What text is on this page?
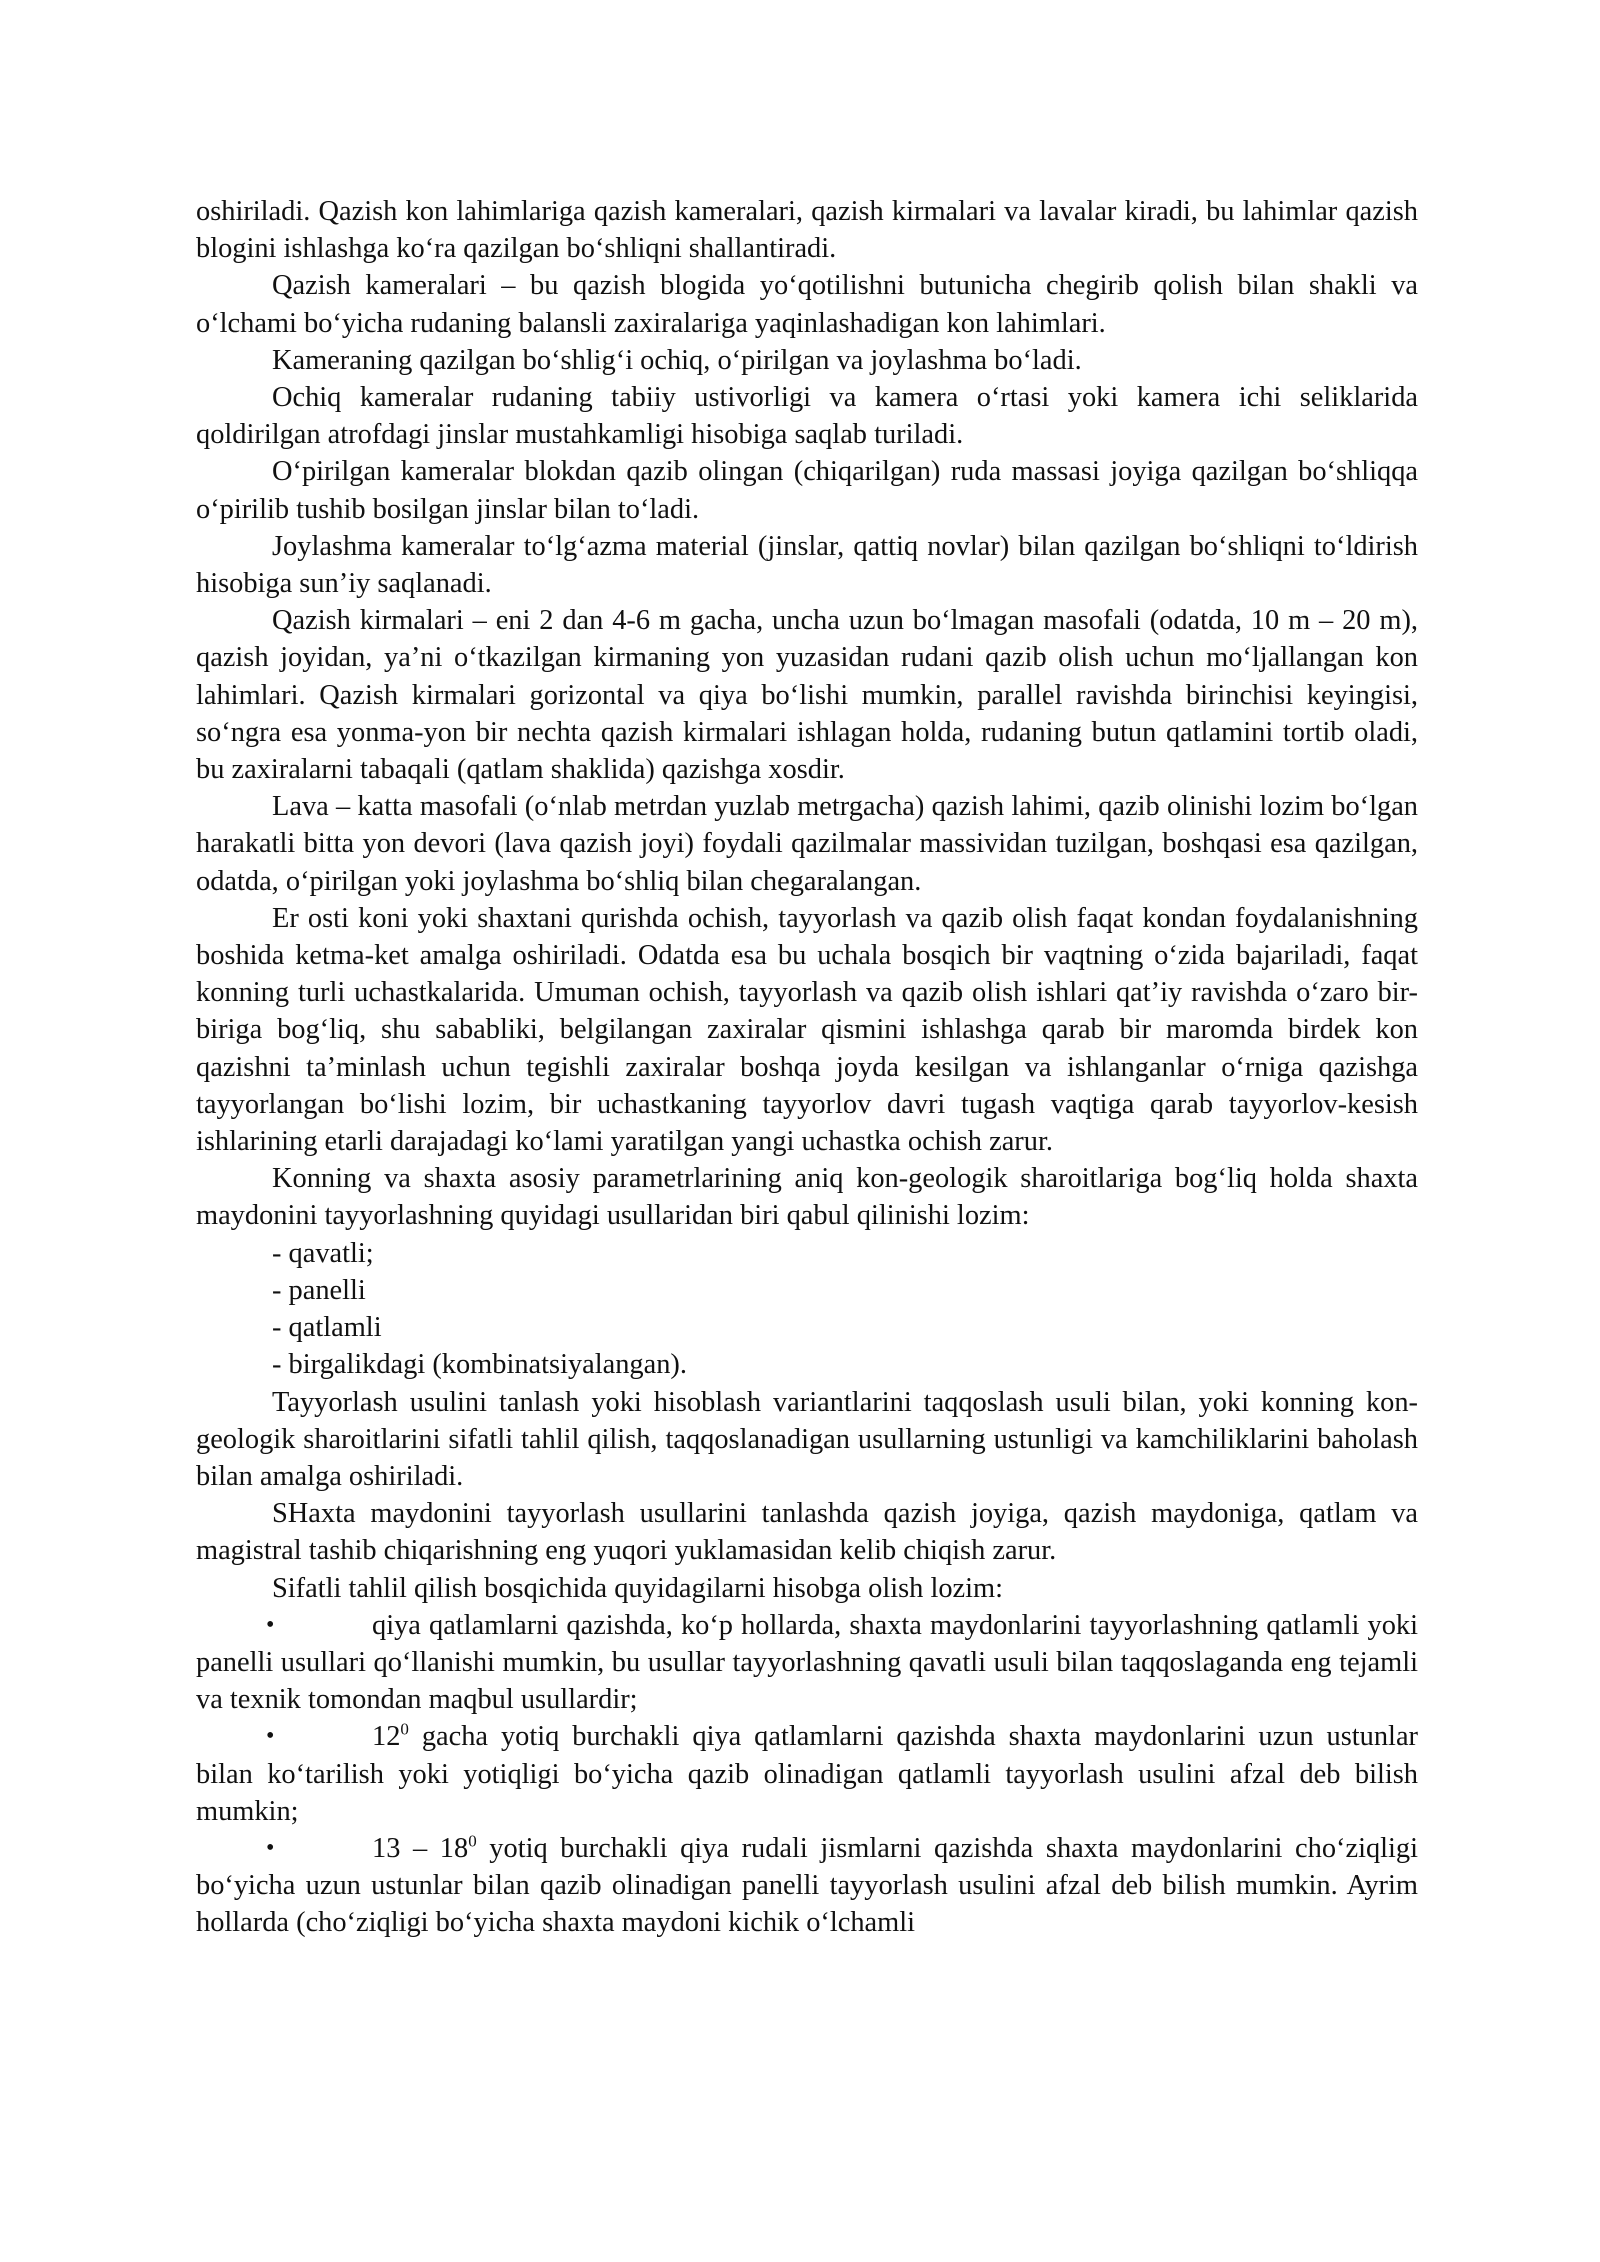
oshiriladi. Qazish kon lahimlariga qazish kameralari, qazish kirmalari va lavalar kiradi, bu lahimlar qazish blogini ishlashga ko‘ra qazilgan bo‘shliqni shallantiradi.

Qazish kameralari – bu qazish blogida yo‘qotilishni butunicha chegirib qolish bilan shakli va o‘lchami bo‘yicha rudaning balansli zaxiralariga yaqinlashadigan kon lahimlari.

Kameraning qazilgan bo‘shlig‘i ochiq, o‘pirilgan va joylashma bo‘ladi.

Ochiq kameralar rudaning tabiiy ustivorligi va kamera o‘rtasi yoki kamera ichi seliklarida qoldirilgan atrofdagi jinslar mustahkamligi hisobiga saqlab turiladi.

O‘pirilgan kameralar blokdan qazib olingan (chiqarilgan) ruda massasi joyiga qazilgan bo‘shliqqa o‘pirilib tushib bosilgan jinslar bilan to‘ladi.

Joylashma kameralar to‘lg‘azma material (jinslar, qattiq novlar) bilan qazilgan bo‘shliqni to‘ldirish hisobiga sun’iy saqlanadi.

Qazish kirmalari – eni 2 dan 4-6 m gacha, uncha uzun bo‘lmagan masofali (odatda, 10 m – 20 m), qazish joyidan, ya’ni o‘tkazilgan kirmaning yon yuzasidan rudani qazib olish uchun mo‘ljallangan kon lahimlari. Qazish kirmalari gorizontal va qiya bo‘lishi mumkin, parallel ravishda birinchisi keyingisi, so‘ngra esa yonma-yon bir nechta qazish kirmalari ishlagan holda, rudaning butun qatlamini tortib oladi, bu zaxiralarni tabaqali (qatlam shaklida) qazishga xosdir.

Lava – katta masofali (o‘nlab metrdan yuzlab metrgacha) qazish lahimi, qazib olinishi lozim bo‘lgan harakatli bitta yon devori (lava qazish joyi) foydali qazilmalar massividan tuzilgan, boshqasi esa qazilgan, odatda, o‘pirilgan yoki joylashma bo‘shliq bilan chegaralangan.

Er osti koni yoki shaxtani qurishda ochish, tayyorlash va qazib olish faqat kondan foydalanishning boshida ketma-ket amalga oshiriladi. Odatda esa bu uchala bosqich bir vaqtning o‘zida bajariladi, faqat konning turli uchastkalarida. Umuman ochish, tayyorlash va qazib olish ishlari qat’iy ravishda o‘zaro bir-biriga bog‘liq, shu sababliki, belgilangan zaxiralar qismini ishlashga qarab bir maromda birdek kon qazishni ta’minlash uchun tegishli zaxiralar boshqa joyda kesilgan va ishlanganlar o‘rniga qazishga tayyorlangan bo‘lishi lozim, bir uchastkaning tayyorlov davri tugash vaqtiga qarab tayyorlov-kesish ishlarining etarli darajadagi ko‘lami yaratilgan yangi uchastka ochish zarur.

Konning va shaxta asosiy parametrlarining aniq kon-geologik sharoitlariga bog‘liq holda shaxta maydonini tayyorlashning quyidagi usullaridan biri qabul qilinishi lozim:

- qavatli;

- panelli

- qatlamli

- birgalikdagi (kombinatsiyalangan).

Tayyorlash usulini tanlash yoki hisoblash variantlarini taqqoslash usuli bilan, yoki konning kon-geologik sharoitlarini sifatli tahlil qilish, taqqoslanadigan usullarning ustunligi va kamchiliklarini baholash bilan amalga oshiriladi.

SHaxta maydonini tayyorlash usullarini tanlashda qazish joyiga, qazish maydoniga, qatlam va magistral tashib chiqarishning eng yuqori yuklamasidan kelib chiqish zarur.

Sifatli tahlil qilish bosqichida quyidagilarni hisobga olish lozim:

•	qiya qatlamlarni qazishda, ko‘p hollarda, shaxta maydonlarini tayyorlashning qatlamli yoki panelli usullari qo‘llanishi mumkin, bu usullar tayyorlashning qavatli usuli bilan taqqoslaganda eng tejamli va texnik tomondan maqbul usullardir;

•	$12^0$ gacha yotiq burchakli qiya qatlamlarni qazishda shaxta maydonlarini uzun ustunlar bilan ko‘tarilish yoki yotiqligi bo‘yicha qazib olinadigan qatlamli tayyorlash usulini afzal deb bilish mumkin;

•	$13 - 18^0$ yotiq burchakli qiya rudali jismlarni qazishda shaxta maydonlarini cho‘ziqligi bo‘yicha uzun ustunlar bilan qazib olinadigan panelli tayyorlash usulini afzal deb bilish mumkin. Ayrim hollarda (cho‘ziqligi bo‘yicha shaxta maydoni kichik o‘lchamli
